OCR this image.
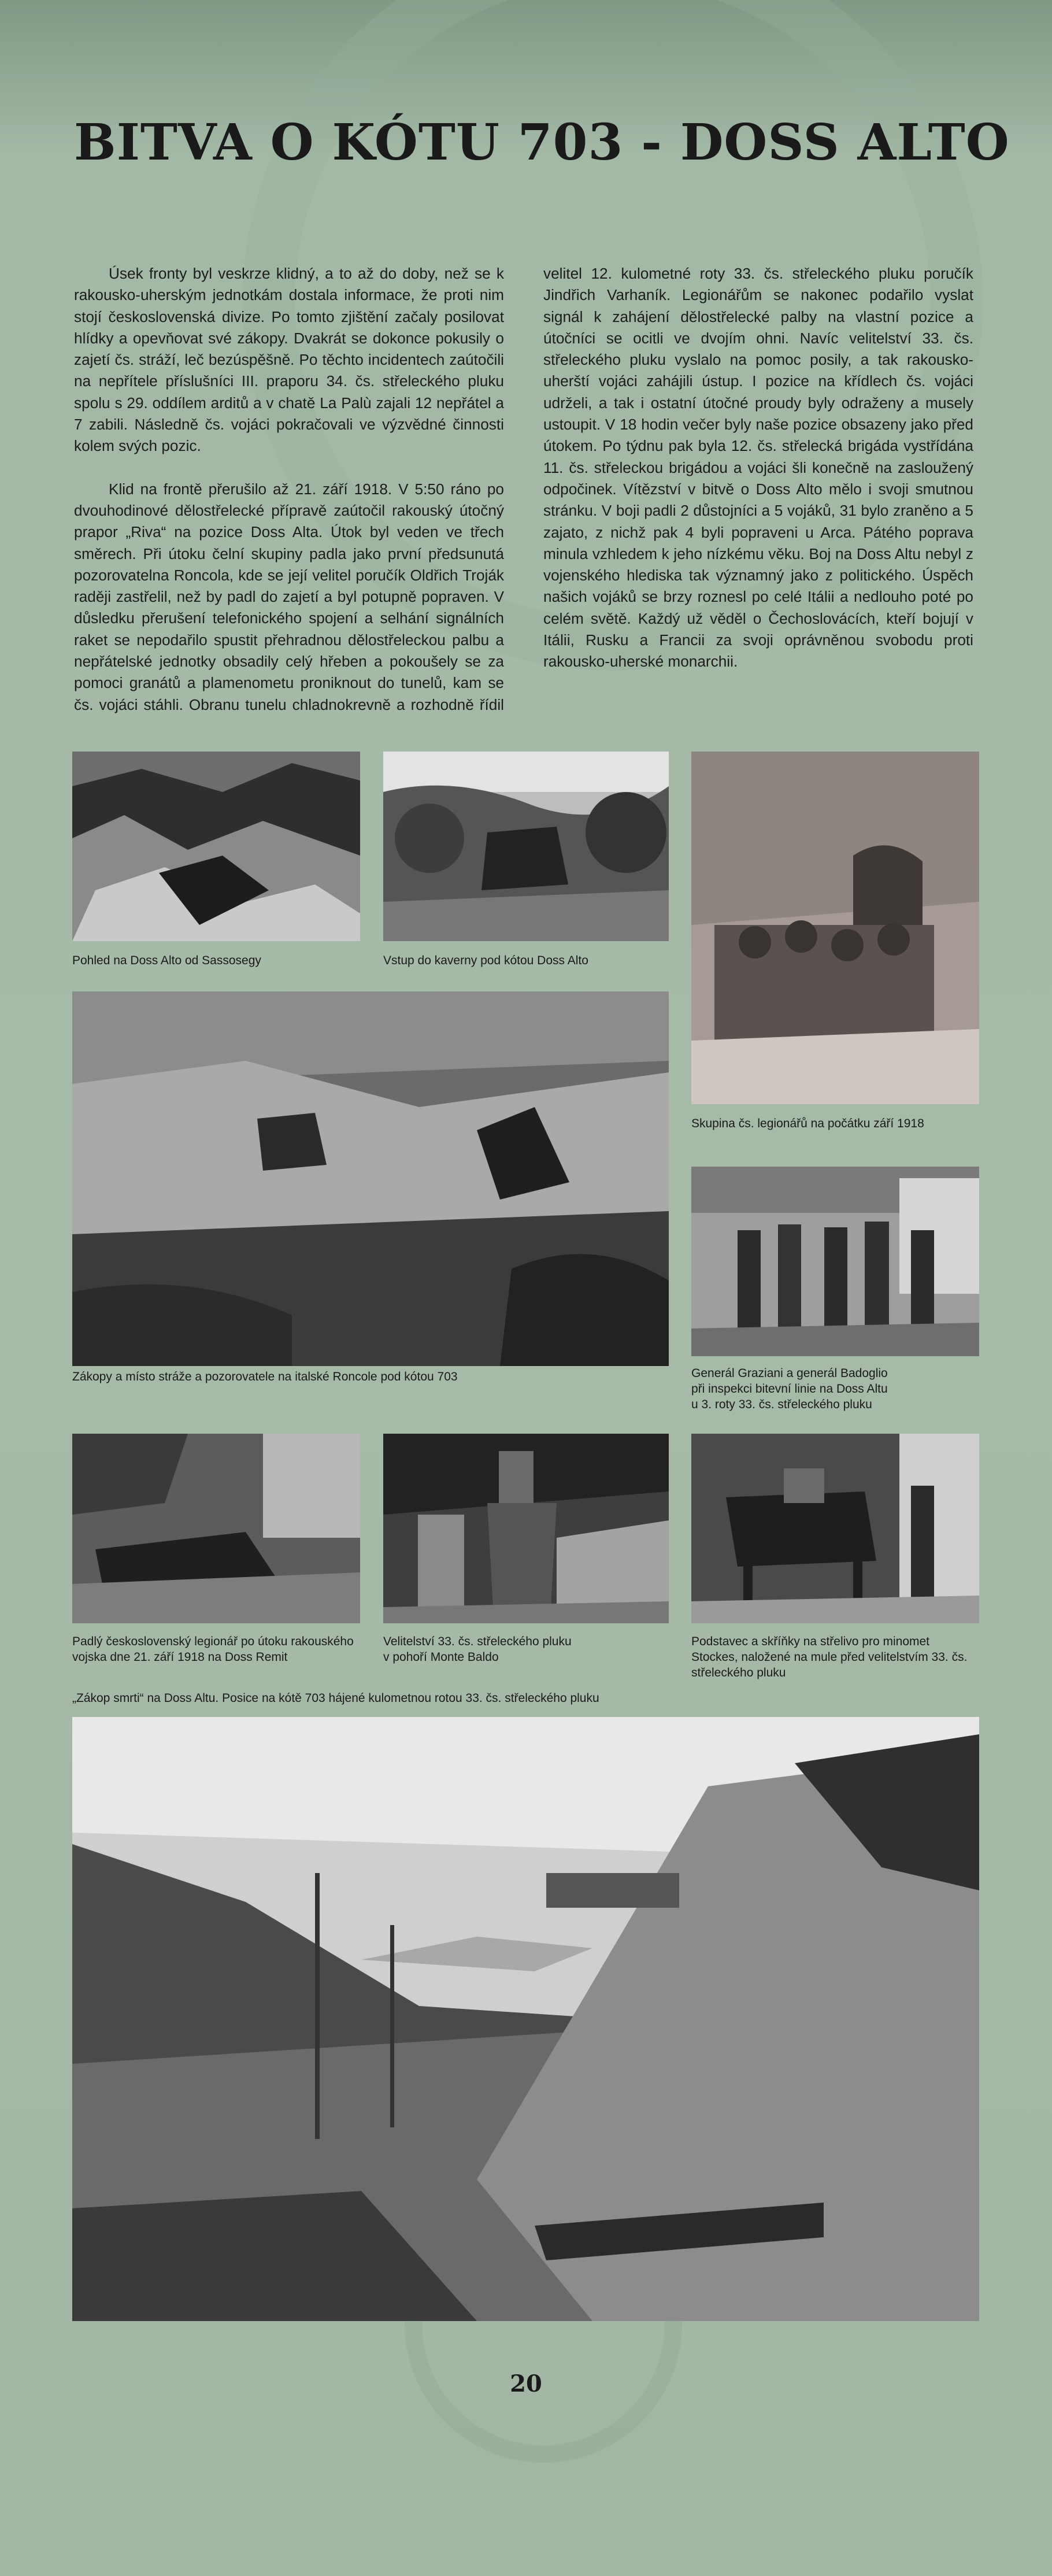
BITVA O KÓTU 703 - DOSS ALTO

Úsek fronty byl veskrze klidný, a to až do doby, než se k rakousko-uherským jednotkám dostala informace, že proti nim stojí československá divize. Po tomto zjištění začaly posilovat hlídky a opevňovat své zákopy. Dvakrát se dokonce pokusily o zajetí čs. stráží, leč bezúspěšně. Po těchto incidentech zaútočili na nepřítele příslušníci III. praporu 34. čs. střeleckého pluku spolu s 29. oddílem arditů a v chatě La Palù zajali 12 nepřátel a 7 zabili. Následně čs. vojáci pokračovali ve výzvědné činnosti kolem svých pozic.

Klid na frontě přerušilo až 21. září 1918. V 5:50 ráno po dvouhodinové dělostřelecké přípravě zaútočil rakouský útočný prapor „Riva“ na pozice Doss Alta. Útok byl veden ve třech směrech. Při útoku čelní skupiny padla jako první předsunutá pozorovatelna Roncola, kde se její velitel poručík Oldřich Troják raději zastřelil, než by padl do zajetí a byl potupně popraven. V důsledku přerušení telefonického spojení a selhání signálních raket se nepodařilo spustit přehradnou dělostřeleckou palbu a nepřátelské jednotky obsadily celý hřeben a pokoušely se za pomoci granátů a plamenometu proniknout do tunelů, kam se čs. vojáci stáhli. Obranu tunelu chladnokrevně a rozhodně řídil velitel 12. kulometné roty 33. čs. střeleckého pluku poručík Jindřich Varhaník. Legionářům se nakonec podařilo vyslat signál k zahájení dělostřelecké palby na vlastní pozice a útočníci se ocitli ve dvojím ohni. Navíc velitelství 33. čs. střeleckého pluku vyslalo na pomoc posily, a tak rakousko-uherští vojáci zahájili ústup. I pozice na křídlech čs. vojáci udrželi, a tak i ostatní útočné proudy byly odraženy a musely ustoupit. V 18 hodin večer byly naše pozice obsazeny jako před útokem. Po týdnu pak byla 12. čs. střelecká brigáda vystřídána 11. čs. střeleckou brigádou a vojáci šli konečně na zasloužený odpočinek. Vítězství v bitvě o Doss Alto mělo i svoji smutnou stránku. V boji padli 2 důstojníci a 5 vojáků, 31 bylo zraněno a 5 zajato, z nichž pak 4 byli popraveni u Arca. Pátého poprava minula vzhledem k jeho nízkému věku. Boj na Doss Altu nebyl z vojenského hlediska tak významný jako z politického. Úspěch našich vojáků se brzy roznesl po celé Itálii a nedlouho poté po celém světě. Každý už věděl o Čechoslovácích, kteří bojují v Itálii, Rusku a Francii za svoji oprávněnou svobodu proti rakousko-uherské monarchii.

Pohled na Doss Alto od Sassosegy	Vstup do kaverny pod kótou Doss Alto
Skupina čs. legionářů na počátku září 1918
Zákopy a místo stráže a pozorovatele na italské Roncole pod kótou 703	Generál Graziani a generál Badoglio
při inspekci bitevní linie na Doss Altu
u 3. roty 33. čs. střeleckého pluku
Padlý československý legionář po útoku rakouského vojska dne 21. září 1918 na Doss Remit
Velitelství 33. čs. střeleckého pluku
v pohoří Monte Baldo
Podstavec a skříňky na střelivo pro minomet Stockes, naložené na mule před velitelstvím 33. čs. střeleckého pluku
„Zákop smrti“ na Doss Altu. Posice na kótě 703 hájené kulometnou rotou 33. čs. střeleckého pluku
20
